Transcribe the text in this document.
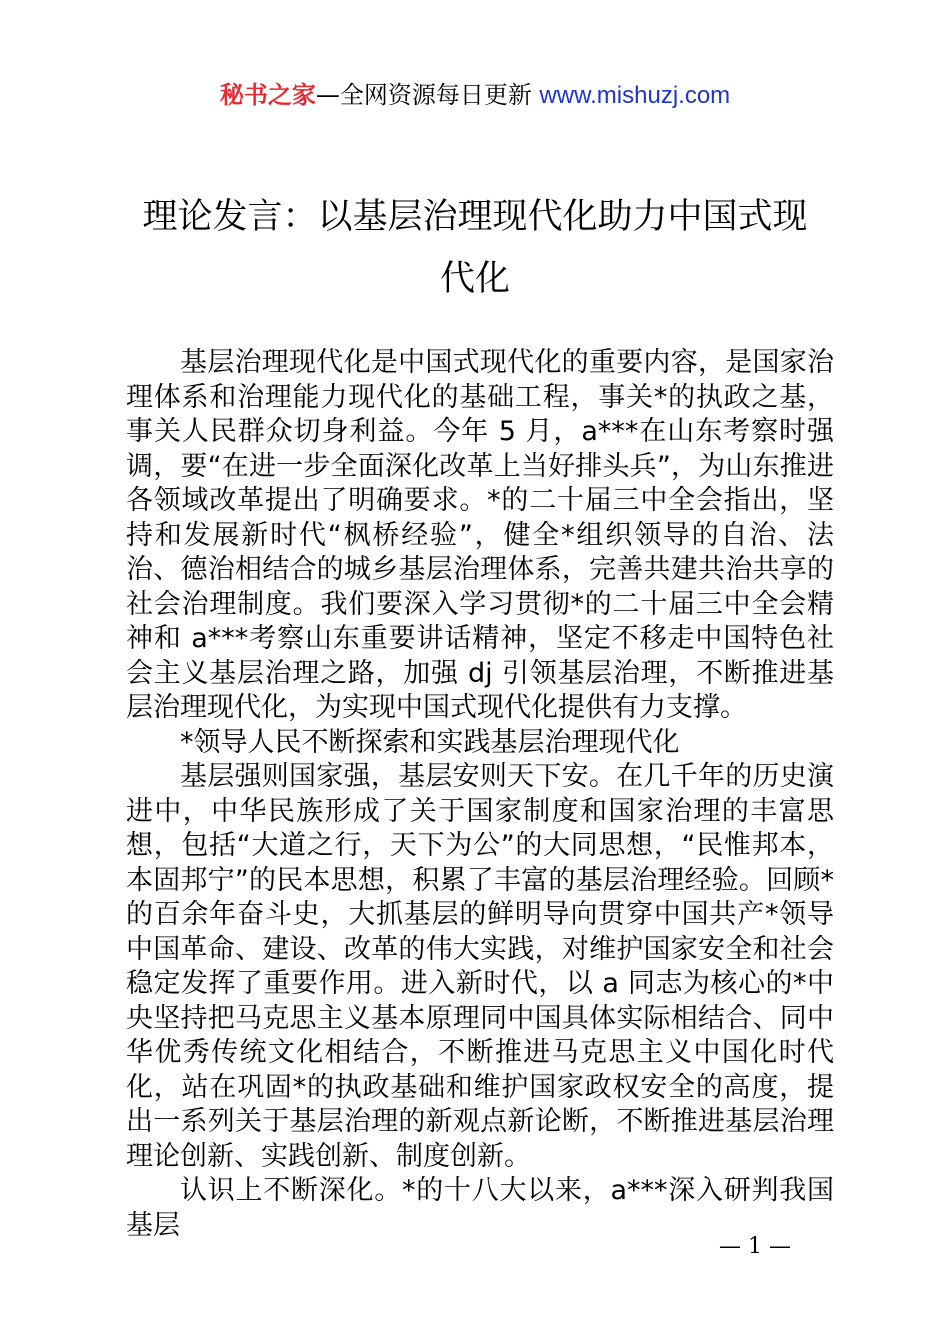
秘书之家—全网资源每日更新 www.mishuzj.com
理论发言：以基层治理现代化助力中国式现
代化

基层治理现代化是中国式现代化的重要内容，是国家治理体系和治理能力现代化的基础工程，事关*的执政之基，事关人民群众切身利益。今年 5 月，a***在山东考察时强调，要“在进一步全面深化改革上当好排头兵”，为山东推进各领域改革提出了明确要求。*的二十届三中全会指出，坚持和发展新时代“枫桥经验”，健全*组织领导的自治、法治、德治相结合的城乡基层治理体系，完善共建共治共享的社会治理制度。我们要深入学习贯彻*的二十届三中全会精神和 a***考察山东重要讲话精神，坚定不移走中国特色社会主义基层治理之路，加强 dj 引领基层治理，不断推进基层治理现代化，为实现中国式现代化提供有力支撑。

*领导人民不断探索和实践基层治理现代化

基层强则国家强，基层安则天下安。在几千年的历史演进中，中华民族形成了关于国家制度和国家治理的丰富思想，包括“大道之行，天下为公”的大同思想，“民惟邦本，本固邦宁”的民本思想，积累了丰富的基层治理经验。回顾*的百余年奋斗史，大抓基层的鲜明导向贯穿中国共产*领导中国革命、建设、改革的伟大实践，对维护国家安全和社会稳定发挥了重要作用。进入新时代，以 a 同志为核心的*中央坚持把马克思主义基本原理同中国具体实际相结合、同中华优秀传统文化相结合，不断推进马克思主义中国化时代化，站在巩固*的执政基础和维护国家政权安全的高度，提出一系列关于基层治理的新观点新论断，不断推进基层治理理论创新、实践创新、制度创新。

认识上不断深化。*的十八大以来，a***深入研判我国基层

— 1 —
